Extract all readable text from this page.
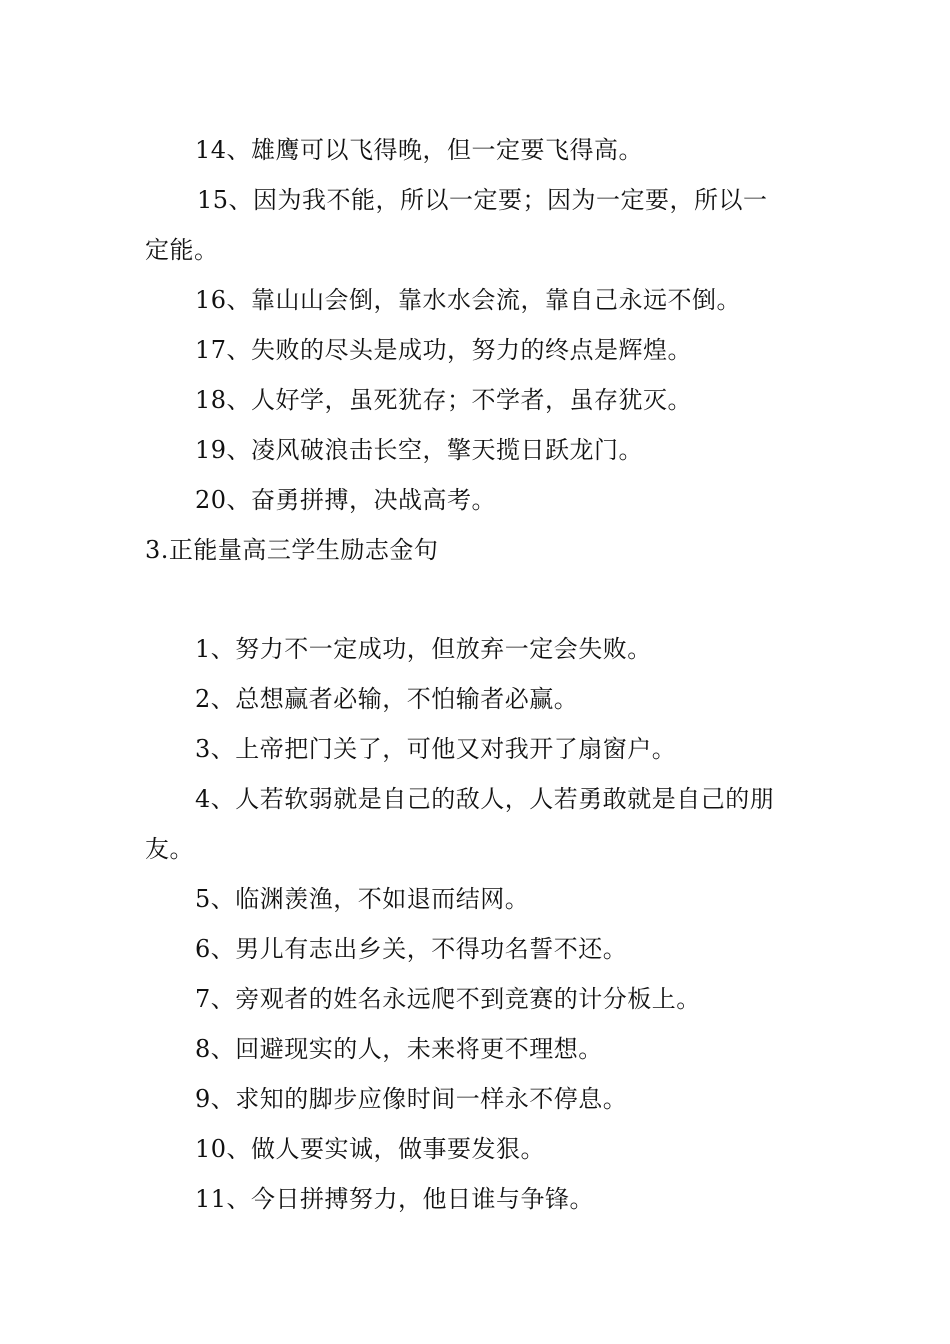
14、雄鹰可以飞得晚，但一定要飞得高。
15、因为我不能，所以一定要；因为一定要，所以一
定能。
16、靠山山会倒，靠水水会流，靠自己永远不倒。
17、失败的尽头是成功，努力的终点是辉煌。
18、人好学，虽死犹存；不学者，虽存犹灭。
19、凌风破浪击长空，擎天揽日跃龙门。
20、奋勇拼搏，决战高考。
3.正能量高三学生励志金句
1、努力不一定成功，但放弃一定会失败。
2、总想赢者必输，不怕输者必赢。
3、上帝把门关了，可他又对我开了扇窗户。
4、人若软弱就是自己的敌人，人若勇敢就是自己的朋
友。
5、临渊羡渔，不如退而结网。
6、男儿有志出乡关，不得功名誓不还。
7、旁观者的姓名永远爬不到竞赛的计分板上。
8、回避现实的人，未来将更不理想。
9、求知的脚步应像时间一样永不停息。
10、做人要实诚，做事要发狠。
11、今日拼搏努力，他日谁与争锋。
